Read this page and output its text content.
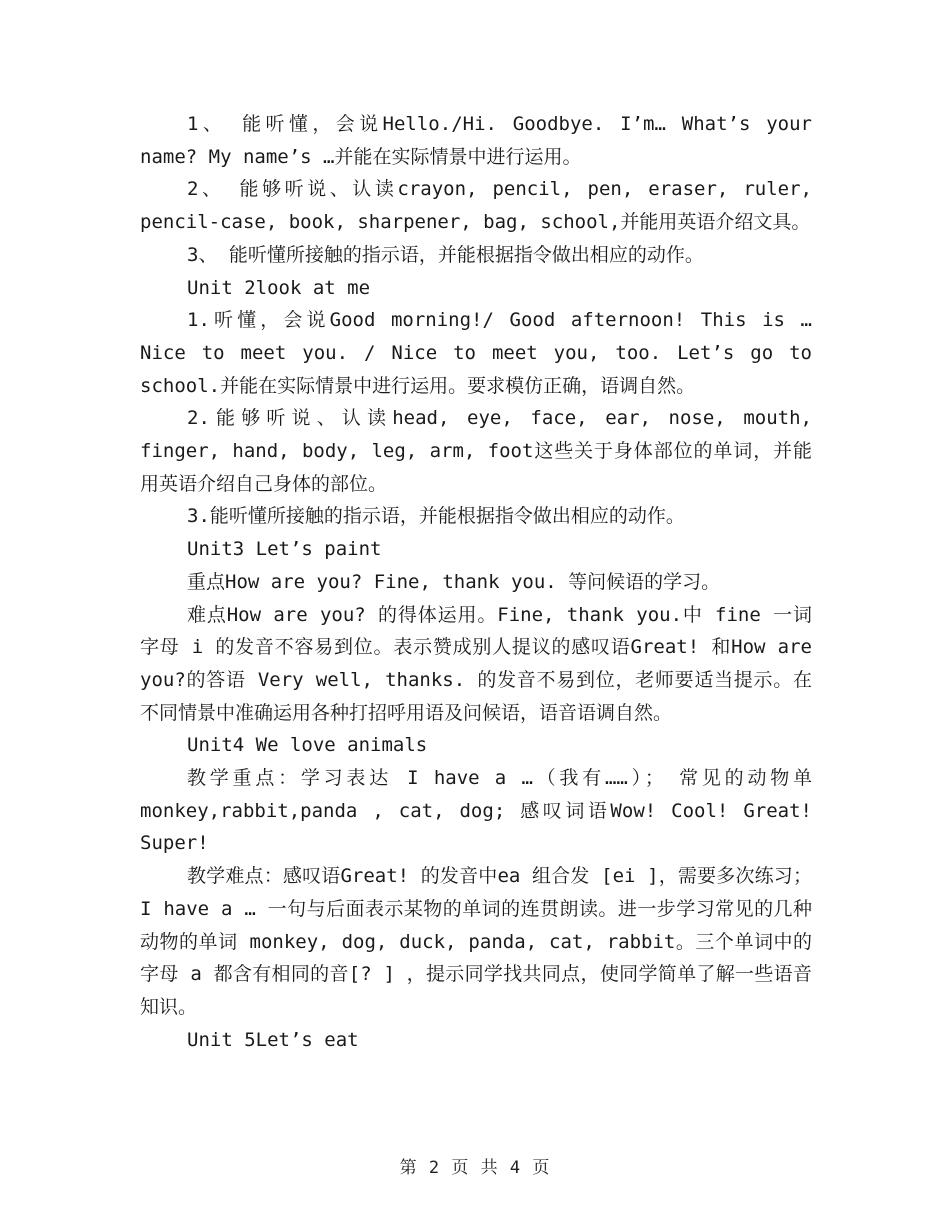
1、 能听懂，会说Hello./Hi. Goodbye. I’m… What’s your name? My name’s …并能在实际情景中进行运用。

2、 能够听说、认读crayon, pencil, pen, eraser, ruler, pencil-case, book, sharpener, bag, school,并能用英语介绍文具。

3、 能听懂所接触的指示语，并能根据指令做出相应的动作。

Unit 2look at me

1.听懂，会说Good morning!/ Good afternoon! This is … Nice to meet you. / Nice to meet you, too. Let’s go to school.并能在实际情景中进行运用。要求模仿正确，语调自然。

2.能够听说、认读head, eye, face, ear, nose, mouth, finger, hand, body, leg, arm, foot这些关于身体部位的单词，并能用英语介绍自己身体的部位。

3.能听懂所接触的指示语，并能根据指令做出相应的动作。

Unit3 Let’s paint

重点How are you? Fine, thank you. 等问候语的学习。

难点How are you? 的得体运用。Fine, thank you.中 fine 一词字母 i 的发音不容易到位。表示赞成别人提议的感叹语Great! 和How are you?的答语 Very well, thanks. 的发音不易到位，老师要适当提示。在不同情景中准确运用各种打招呼用语及问候语，语音语调自然。

Unit4 We love animals

教学重点：学习表达 I have a …（我有……）； 常见的动物单monkey,rabbit,panda , cat, dog; 感叹词语Wow! Cool! Great! Super!

教学难点：感叹语Great! 的发音中ea 组合发 [ei ]，需要多次练习；I have a … 一句与后面表示某物的单词的连贯朗读。进一步学习常见的几种动物的单词 monkey, dog, duck, panda, cat, rabbit。三个单词中的字母 a 都含有相同的音[? ] ，提示同学找共同点，使同学简单了解一些语音知识。

Unit 5Let’s eat

第 2 页 共 4 页
